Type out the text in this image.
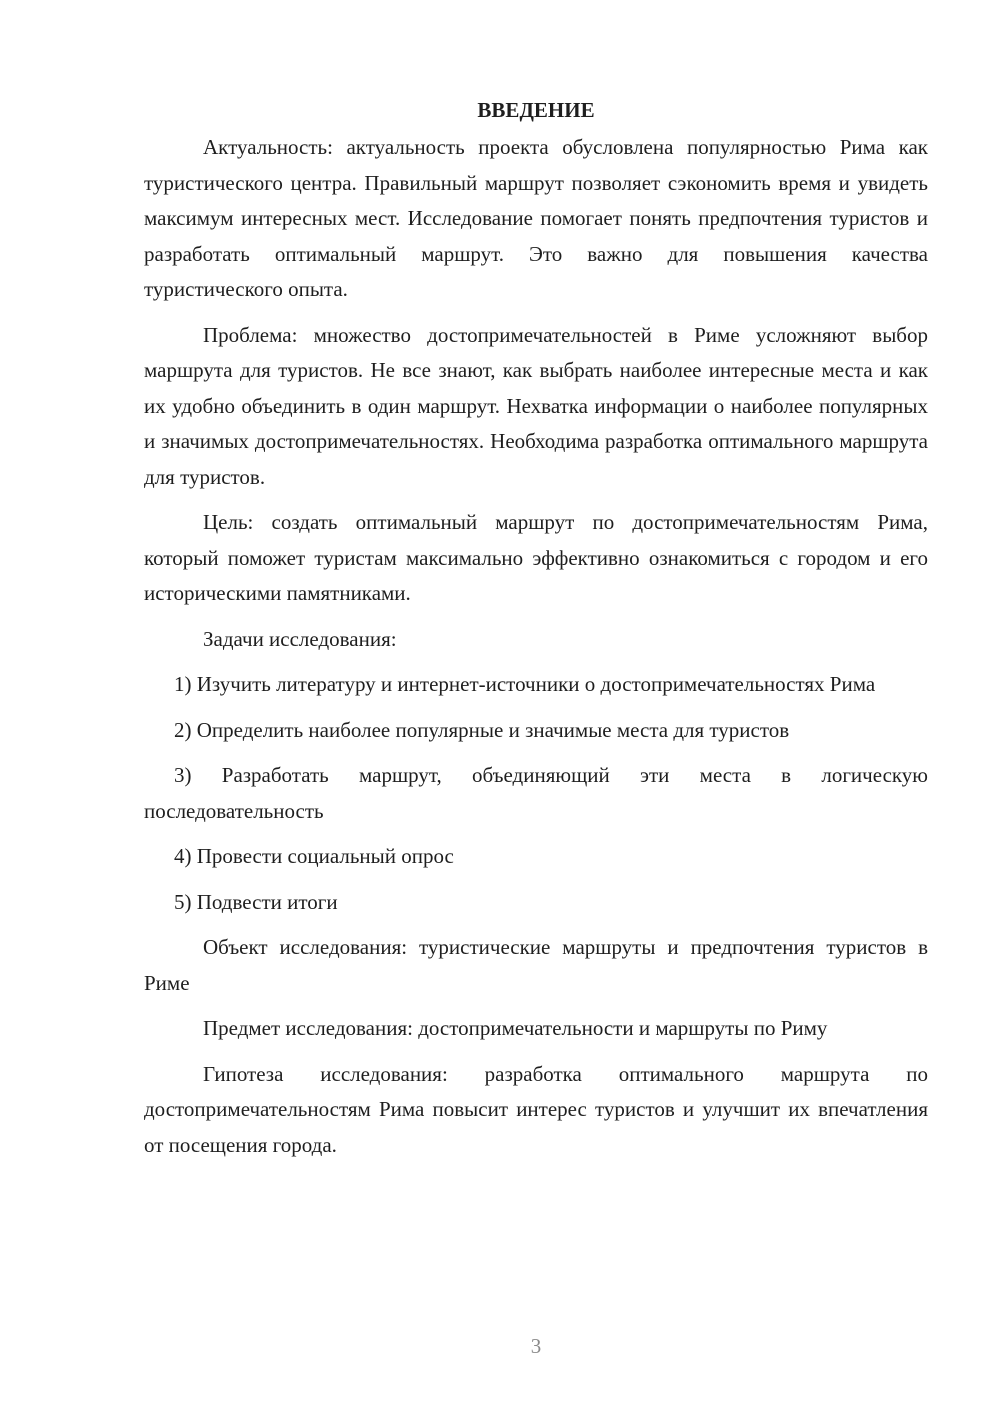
ВВЕДЕНИЕ

Актуальность: актуальность проекта обусловлена популярностью Рима как туристического центра. Правильный маршрут позволяет сэкономить время и увидеть максимум интересных мест. Исследование помогает понять предпочтения туристов и разработать оптимальный маршрут. Это важно для повышения качества туристического опыта.

Проблема: множество достопримечательностей в Риме усложняют выбор маршрута для туристов. Не все знают, как выбрать наиболее интересные места и как их удобно объединить в один маршрут. Нехватка информации о наиболее популярных и значимых достопримечательностях. Необходима разработка оптимального маршрута для туристов.

Цель: создать оптимальный маршрут по достопримечательностям Рима, который поможет туристам максимально эффективно ознакомиться с городом и его историческими памятниками.

Задачи исследования:

1) Изучить литературу и интернет-источники о достопримечательностях Рима

2) Определить наиболее популярные и значимые места для туристов

3) Разработать маршрут, объединяющий эти места в логическую последовательность

4) Провести социальный опрос

5) Подвести итоги

Объект исследования: туристические маршруты и предпочтения туристов в Риме

Предмет исследования: достопримечательности и маршруты по Риму

Гипотеза исследования: разработка оптимального маршрута по достопримечательностям Рима повысит интерес туристов и улучшит их впечатления от посещения города.

3
